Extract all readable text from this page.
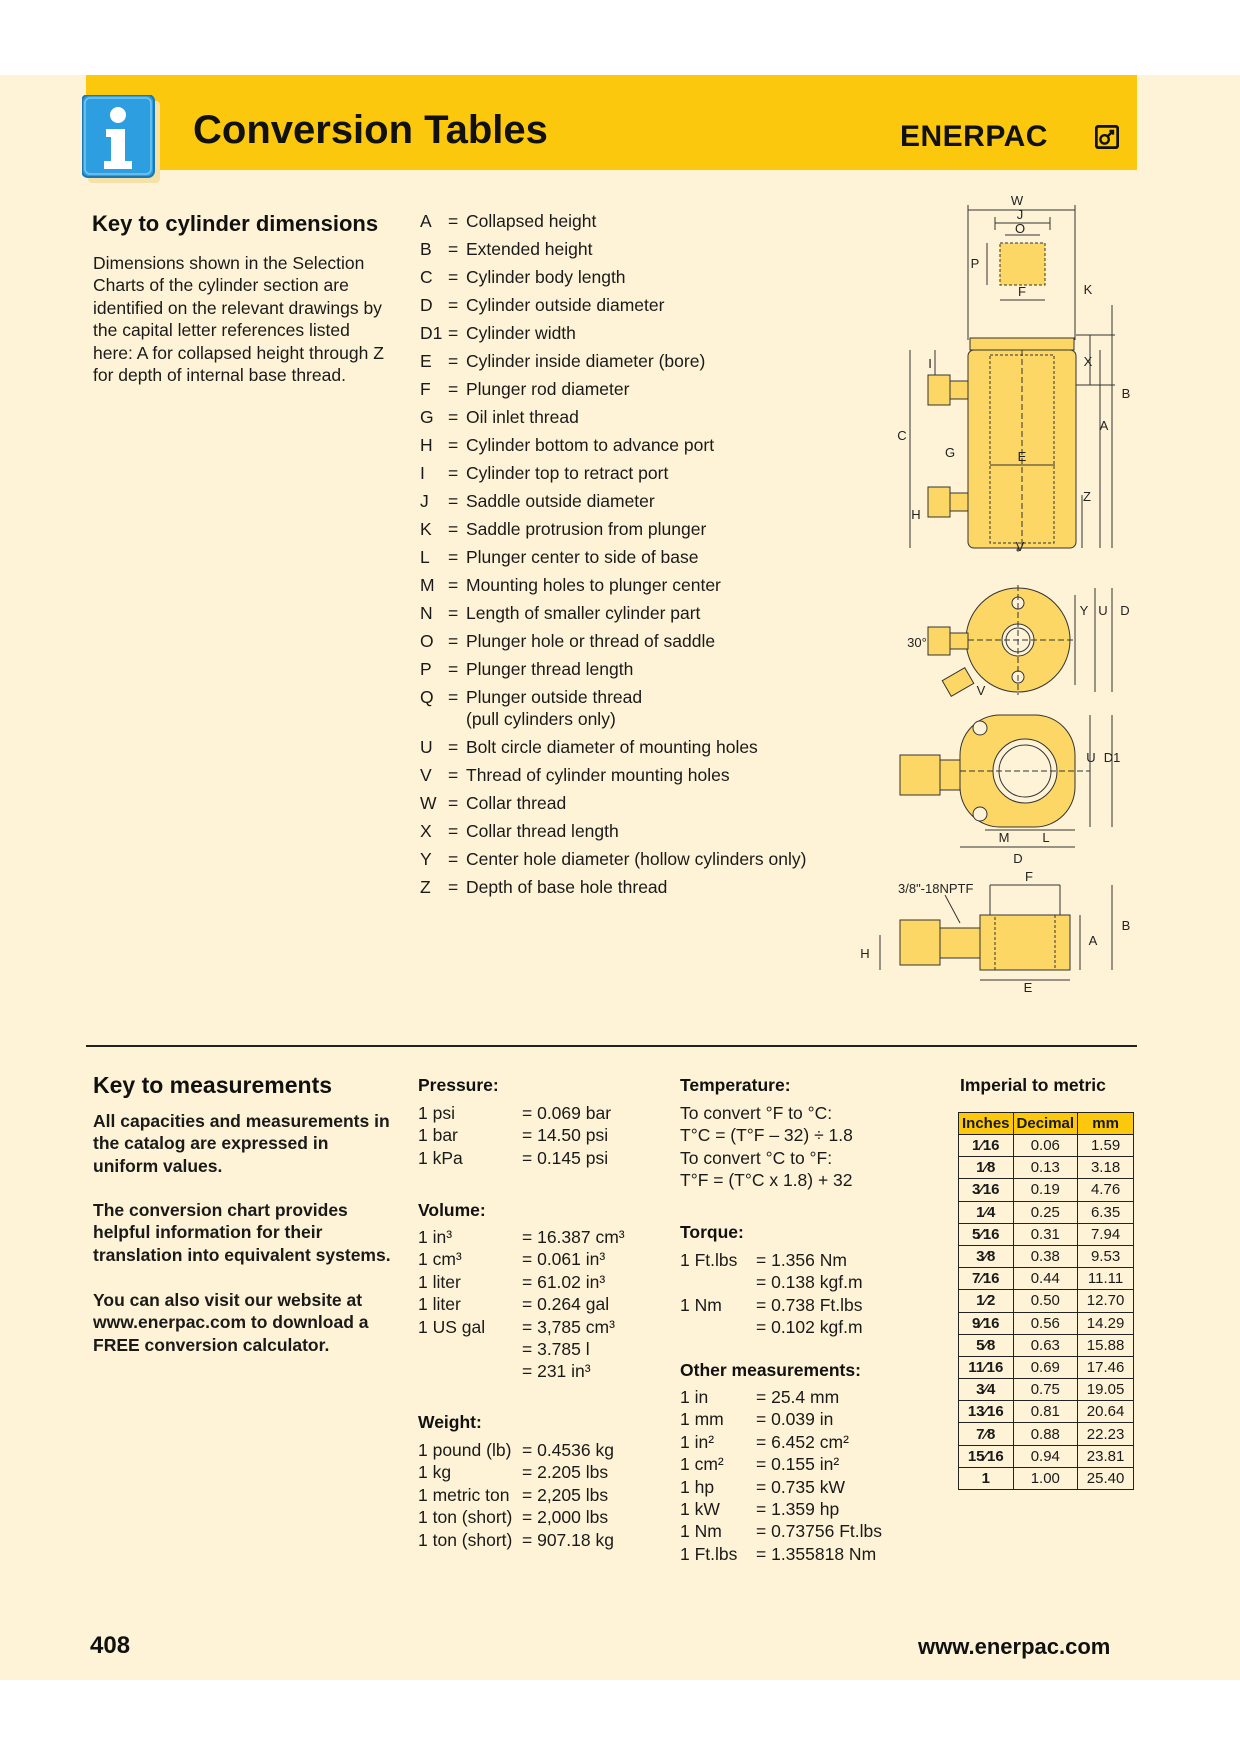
Conversion Tables	ENERPAC
Key to cylinder dimensions
Dimensions shown in the Selection Charts of the cylinder section are identified on the relevant drawings by the capital letter references listed here: A for collapsed height through Z for depth of internal base thread.
A = Collapsed height
B = Extended height
C = Cylinder body length
D = Cylinder outside diameter
D1 = Cylinder width
E = Cylinder inside diameter (bore)
F = Plunger rod diameter
G = Oil inlet thread
H = Cylinder bottom to advance port
I	= Cylinder top to retract port
J	= Saddle outside diameter
K = Saddle protrusion from plunger
L	= Plunger center to side of base
M = Mounting holes to plunger center
N = Length of smaller cylinder part
O = Plunger hole or thread of saddle
P = Plunger thread length
Q = Plunger outside thread
(pull cylinders only)
U = Bolt circle diameter of mounting holes
V = Thread of cylinder mounting holes
W = Collar thread
X = Collar thread length
Y = Center hole diameter (hollow cylinders only)
Z = Depth of base hole thread
W
J
O
P
F	K
X
I
B
A
C
G	E
Z
H
V
Y U D
30°
V
U D1
M	L
D
F
3/8"-18NPTF
B
A
H
E
Key to measurements
All capacities and measurements in the catalog are expressed in uniform values.
The conversion chart provides helpful information for their translation into equivalent systems.
You can also visit our website at www.enerpac.com to download a FREE conversion calculator.
Pressure:
1 psi	= 0.069 bar
1 bar	= 14.50 psi
1 kPa	= 0.145 psi
Volume:
1 in³	= 16.387 cm³
1 cm³	= 0.061 in³
1 liter	= 61.02 in³
1 liter	= 0.264 gal
1 US gal	= 3,785 cm³
= 3.785 l
= 231 in³
Weight:
1 pound (lb) = 0.4536 kg
1 kg	= 2.205 lbs
1 metric ton = 2,205 lbs
1 ton (short) = 2,000 lbs
1 ton (short) = 907.18 kg
Temperature:
To convert °F to °C:
T°C = (T°F – 32) ÷ 1.8
To convert °C to °F:
T°F = (T°C x 1.8) + 32
Torque:
1 Ft.lbs	= 1.356 Nm
= 0.138 kgf.m
1 Nm	= 0.738 Ft.lbs
= 0.102 kgf.m
Other measurements:
1 in	= 25.4 mm
1 mm	= 0.039 in
1 in²	= 6.452 cm²
1 cm²	= 0.155 in²
1 hp	= 0.735 kW
1 kW	= 1.359 hp
1 Nm	= 0.73756 Ft.lbs
1 Ft.lbs	= 1.355818 Nm
Imperial to metric
Inches	Decimal	mm
1⁄16	0.06	1.59
1⁄8	0.13	3.18
3⁄16	0.19	4.76
1⁄4	0.25	6.35
5⁄16	0.31	7.94
3⁄8	0.38	9.53
7⁄16	0.44	11.11
1⁄2	0.50	12.70
9⁄16	0.56	14.29
5⁄8	0.63	15.88
11⁄16	0.69	17.46
3⁄4	0.75	19.05
13⁄16	0.81	20.64
7⁄8	0.88	22.23
15⁄16	0.94	23.81
1	1.00	25.40
408	www.enerpac.com
